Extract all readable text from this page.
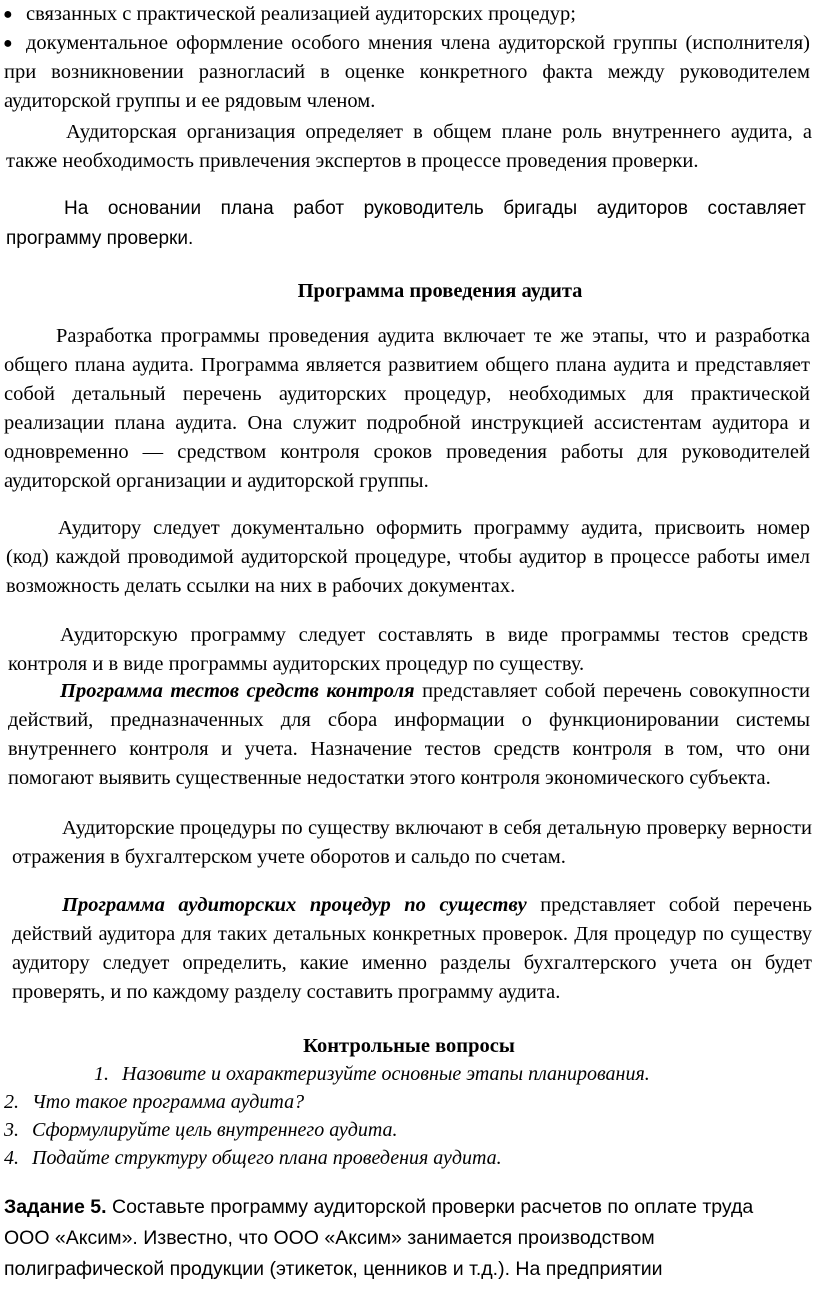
● связанных с практической реализацией аудиторских процедур;
● документальное оформление особого мнения члена аудиторской группы (исполнителя) при возникновении разногласий в оценке конкретного факта между руководителем аудиторской группы и ее рядовым членом.
Аудиторская организация определяет в общем плане роль внутреннего аудита, а также необходимость привлечения экспертов в процессе проведения проверки.
На основании плана работ руководитель бригады аудиторов составляет программу проверки.
Программа проведения аудита
Разработка программы проведения аудита включает те же этапы, что и разработка общего плана аудита. Программа является развитием общего плана аудита и представляет собой детальный перечень аудиторских процедур, необходимых для практической реализации плана аудита. Она служит подробной инструкцией ассистентам аудитора и одновременно — средством контроля сроков проведения работы для руководителей аудиторской организации и аудиторской группы.
Аудитору следует документально оформить программу аудита, присвоить номер (код) каждой проводимой аудиторской процедуре, чтобы аудитор в процессе работы имел возможность делать ссылки на них в рабочих документах.
Аудиторскую программу следует составлять в виде программы тестов средств контроля и в виде программы аудиторских процедур по существу.
Программа тестов средств контроля представляет собой перечень совокупности действий, предназначенных для сбора информации о функционировании системы внутреннего контроля и учета. Назначение тестов средств контроля в том, что они помогают выявить существенные недостатки этого контроля экономического субъекта.
Аудиторские процедуры по существу включают в себя детальную проверку верности отражения в бухгалтерском учете оборотов и сальдо по счетам.
Программа аудиторских процедур по существу представляет собой перечень действий аудитора для таких детальных конкретных проверок. Для процедур по существу аудитору следует определить, какие именно разделы бухгалтерского учета он будет проверять, и по каждому разделу составить программу аудита.
Контрольные вопросы
1. Назовите и охарактеризуйте основные этапы планирования.
2. Что такое программа аудита?
3. Сформулируйте цель внутреннего аудита.
4. Подайте структуру общего плана проведения аудита.
Задание 5. Составьте программу аудиторской проверки расчетов по оплате труда ООО «Аксим». Известно, что ООО «Аксим» занимается производством полиграфической продукции (этикеток, ценников и т.д.). На предприятии
